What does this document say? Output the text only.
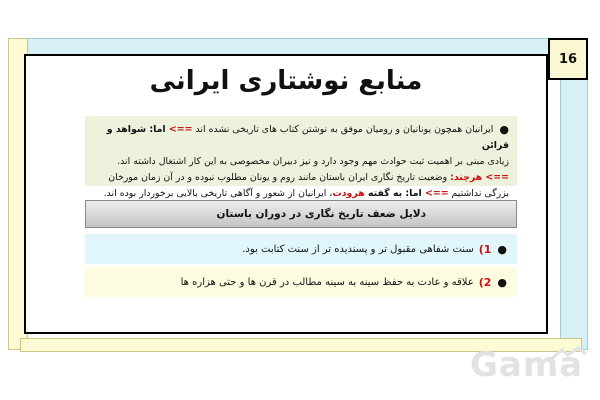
16
منابع نوشتاری ایرانی
●
ایرانیان همچون یونانیان و رومیان موفق به نوشتن کتاب های تاریخی نشده اند ==> اما: شواهد و قرائن
زیادی مبنی بر اهمیت ثبت حوادث مهم وجود دارد و نیز دبیران مخصوصی به این کار اشتغال داشته اند.
==> هرچند: وضعیت تاریخ نگاری ایران باستان مانند روم و یونان مطلوب نبوده و در آن زمان مورخان
بزرگی نداشتیم ==> اما: به گفته هرودت، ایرانیان از شعور و آگاهی تاریخی بالایی برخوردار بوده اند.
دلایل ضعف تاریخ نگاری در دوران باستان
●
1)
سنت شفاهی مقبول تر و پسندیده تر از سنت کتابت بود.
●
2)
علاقه و عادت به حفظ سینه به سینه مطالب در قرن ها و حتی هزاره ها
Gama
